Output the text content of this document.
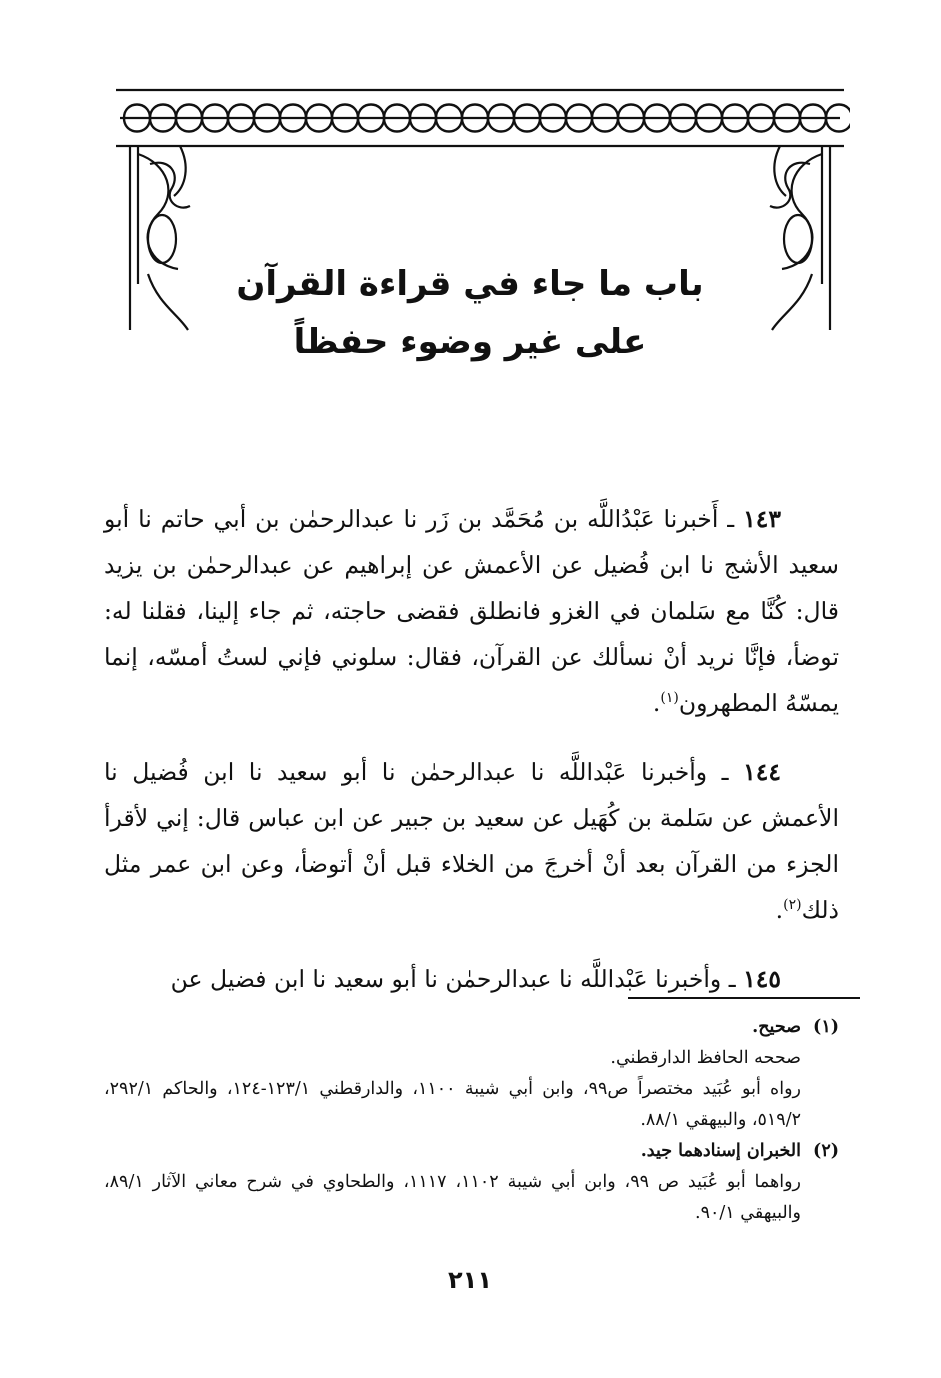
باب ما جاء في قراءة القرآن
على غير وضوء حفظاً

١٤٣ ـ أَخبرنا عَبْدُاللَّه بن مُحَمَّد بن زَر نا عبدالرحمٰن بن أبي حاتم نا أبو سعيد الأشج نا ابن فُضيل عن الأعمش عن إبراهيم عن عبدالرحمٰن بن يزيد قال: كُنَّا مع سَلمان في الغزو فانطلق فقضى حاجته، ثم جاء إلينا، فقلنا له: توضأ، فإنَّا نريد أنْ نسألك عن القرآن، فقال: سلوني فإني لستُ أمسّه، إنما يمسّهُ المطهرون$^{(١)}$.

١٤٤ ـ وأخبرنا عَبْداللَّه نا عبدالرحمٰن نا أبو سعيد نا ابن فُضيل نا الأعمش عن سَلمة بن كُهَيل عن سعيد بن جبير عن ابن عباس قال: إني لأقرأ الجزء من القرآن بعد أنْ أخرجَ من الخلاء قبل أنْ أتوضأ، وعن ابن عمر مثل ذلك$^{(٢)}$.

١٤٥ ـ وأخبرنا عَبْداللَّه نا عبدالرحمٰن نا أبو سعيد نا ابن فضيل عن

(١)صحيح.
صححه الحافظ الدارقطني.
رواه أبو عُبَيد مختصراً ص٩٩، وابن أبي شيبة ١١٠٠، والدارقطني ١٢٣/١-١٢٤، والحاكم ٢٩٢/١، ٥١٩/٢، والبيهقي ٨٨/١.
(٢)الخبران إسنادهما جيد.
رواهما أبو عُبَيد ص ٩٩، وابن أبي شيبة ١١٠٢، ١١١٧، والطحاوي في شرح معاني الآثار ٨٩/١، والبيهقي ٩٠/١.
٢١١
